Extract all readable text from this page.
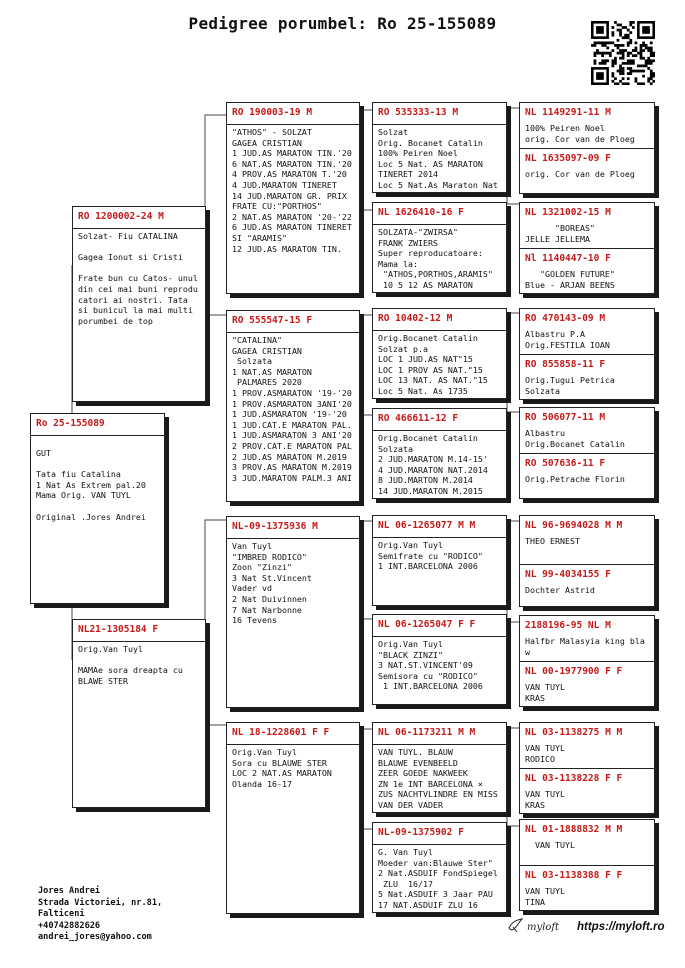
Pedigree porumbel: Ro 25-155089
Ro 25-155089
GUT

Tata fiu Catalina
1 Nat As Extrem pal.20
Mama Orig. VAN TUYL

Original .Jores Andrei
RO 1200002-24 M
Solzat- Fiu CATALINA

Gagea Ionut si Cristi

Frate bun cu Catos- unul
din cei mai buni reprodu
catori ai nostri. Tata
si bunicul la mai multi
porumbei de top
NL21-1305184 F
Orig.Van Tuyl

MAMAe sora dreapta cu
BLAWE STER
RO 190003-19 M
"ATHOS" - SOLZAT
GAGEA CRISTIAN
1 JUD.AS MARATON TIN.'20
6 NAT.AS MARATON TIN.'20
4 PROV.AS MARATON T.'20
4 JUD.MARATON TINERET
14 JUD.MARATON GR. PRIX
FRATE CU:"PORTHOS"
2 NAT.AS MARATON '20-'22
6 JUD.AS MARATON TINERET
SI "ARAMIS"
12 JUD.AS MARATON TIN.
RO 555547-15 F
"CATALINA"
GAGEA CRISTIAN
Solzata
1 NAT.AS MARATON
PALMARES 2020
1 PROV.ASMARATON '19-'20
1 PROV.ASMARATON 3ANI'20
1 JUD.ASMARATON '19-'20
1 JUD.CAT.E MARATON PAL.
1 JUD.ASMARATON 3 ANI'20
2 PROV.CAT.E MARATON PAL
2 JUD.AS MARATON M.2019
3 PROV.AS MARATON M.2019
3 JUD.MARATON PALM.3 ANI
NL-09-1375936 M
Van Tuyl
"IMBRED RODICO"
Zoon "Zinzi"
3 Nat St.Vincent
Vader vd
2 Nat Duivinnen
7 Nat Narbonne
16 Tevens
NL 18-1228601 F F
Orig.Van Tuyl
Sora cu BLAUWE STER
LOC 2 NAT.AS MARATON
Olanda 16-17
RO 535333-13 M
Solzat
Orig. Bocanet Catalin
100% Peiren Noel
Loc 5 Nat. AS MARATON
TINERET 2014
Loc 5 Nat.As Maraton Nat
NL 1626410-16 F
SOLZATA-"ZWIRSA"
FRANK ZWIERS
Super reproducatoare:
Mama la:
"ATHOS,PORTHOS,ARAMIS"
10 5 12 AS MARATON
RO 10402-12 M
Orig.Bocanet Catalin
Solzat p.a
LOC 1 JUD.AS NAT"15
LOC 1 PROV AS NAT."15
LOC 13 NAT. AS NAT."15
Loc 5 Nat. As 1735
RO 466611-12 F
Orig.Bocanet Catalin
Solzata
2 JUD.MARATON M.14-15'
4 JUD.MARATON NAT.2014
8 JUD.MARTON M.2014
14 JUD.MARATON M.2015
NL 06-1265077 M M
Orig.Van Tuyl
Semifrate cu "RODICO"
1 INT.BARCELONA 2006
NL 06-1265047 F F
Orig.Van Tuyl
"BLACK ZINZI"
3 NAT.ST.VINCENT'09
Semisora cu "RODICO"
1 INT.BARCELONA 2006
NL 06-1173211 M M
VAN TUYL. BLAUW
BLAUWE EVENBEELD
ZEER GOEDE NAKWEEK
ZN 1e INT BARCELONA ×
ZUS NACHTVLINDRE EN MISS
VAN DER VADER
NL-09-1375902 F
G. Van Tuyl
Moeder van:Blauwe Ster"
2 Nat.ASDUIF FondSpiegel
ZLU  16/17
5 Nat.ASDUIF 3 Jaar PAU
17 NAT.ASDUIF ZLU 16
NL 1149291-11 M
100% Peiren Noel
orig. Cor van de Ploeg
NL 1635097-09 F
orig. Cor van de Ploeg
NL 1321002-15 M
"BOREAS"
JELLE JELLEMA
Nl 1140447-10 F
"GOLDEN FUTURE"
Blue - ARJAN BEENS
RO 470143-09 M
Albastru P.A
Orig.FESTILA IOAN
RO 855858-11 F
Orig.Tugui Petrica
Solzata
RO 506077-11 M
Albastru
Orig.Bocanet Catalin
RO 507636-11 F
Orig.Petrache Florin
NL 96-9694028 M M
THEO ERNEST
NL 99-4034155 F
Dochter Astrid
2188196-95 NL M
Halfbr Malasyia king bla
w
NL 00-1977900 F F
VAN TUYL
KRAS
NL 03-1138275 M M
VAN TUYL
RODICO
NL 03-1138228 F F
VAN TUYL
KRAS
NL 01-1888832 M M
VAN TUYL
NL 03-1138388 F F
VAN TUYL
TINA
Jores Andrei
Strada Victoriei, nr.81,
Falticeni
+40742882626
andrei_jores@yahoo.com
myloft https://myloft.ro
